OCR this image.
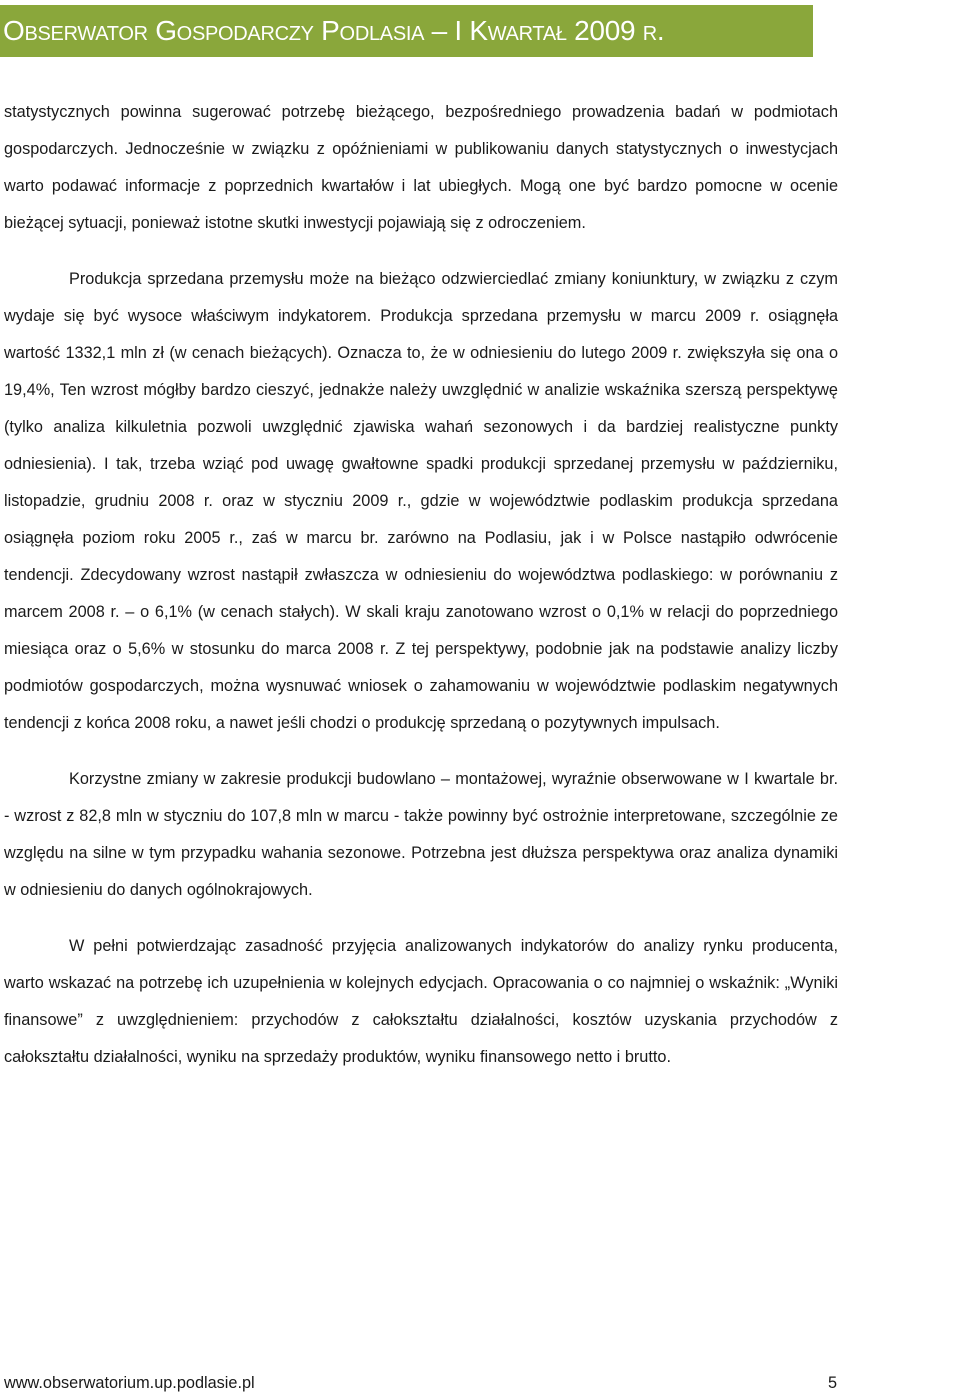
Obserwator Gospodarczy Podlasia – I Kwartał 2009 r.

statystycznych powinna sugerować potrzebę bieżącego, bezpośredniego prowadzenia badań w podmiotach gospodarczych. Jednocześnie w związku z opóźnieniami w publikowaniu danych statystycznych o inwestycjach warto podawać informacje z poprzednich kwartałów i lat ubiegłych. Mogą one być bardzo pomocne w ocenie bieżącej sytuacji, ponieważ istotne skutki inwestycji pojawiają się z odroczeniem.

Produkcja sprzedana przemysłu może na bieżąco odzwierciedlać zmiany koniunktury, w związku z czym wydaje się być wysoce właściwym indykatorem. Produkcja sprzedana przemysłu w marcu 2009 r. osiągnęła wartość 1332,1 mln zł (w cenach bieżących). Oznacza to, że w odniesieniu do lutego 2009 r. zwiększyła się ona o 19,4%, Ten wzrost mógłby bardzo cieszyć, jednakże należy uwzględnić w analizie wskaźnika szerszą perspektywę (tylko analiza kilkuletnia pozwoli uwzględnić zjawiska wahań sezonowych i da bardziej realistyczne punkty odniesienia). I tak, trzeba wziąć pod uwagę gwałtowne spadki produkcji sprzedanej przemysłu w październiku, listopadzie, grudniu 2008 r. oraz w styczniu 2009 r., gdzie w województwie podlaskim produkcja sprzedana osiągnęła poziom roku 2005 r., zaś w marcu br. zarówno na Podlasiu, jak i w Polsce nastąpiło odwrócenie tendencji. Zdecydowany wzrost nastąpił zwłaszcza w odniesieniu do województwa podlaskiego: w porównaniu z marcem 2008 r. – o 6,1% (w cenach stałych). W skali kraju zanotowano wzrost o 0,1% w relacji do poprzedniego miesiąca oraz o 5,6% w stosunku do marca 2008 r. Z tej perspektywy, podobnie jak na podstawie analizy liczby podmiotów gospodarczych, można wysnuwać wniosek o zahamowaniu w województwie podlaskim negatywnych tendencji z końca 2008 roku, a nawet jeśli chodzi o produkcję sprzedaną o pozytywnych impulsach.

Korzystne zmiany w zakresie produkcji budowlano – montażowej, wyraźnie obserwowane w I kwartale br. - wzrost z 82,8 mln w styczniu do 107,8 mln w marcu - także powinny być ostrożnie interpretowane, szczególnie ze względu na silne w tym przypadku wahania sezonowe. Potrzebna jest dłuższa perspektywa oraz analiza dynamiki w odniesieniu do danych ogólnokrajowych.

W pełni potwierdzając zasadność przyjęcia analizowanych indykatorów do analizy rynku producenta, warto wskazać na potrzebę ich uzupełnienia w kolejnych edycjach. Opracowania o co najmniej o wskaźnik: „Wyniki finansowe” z uwzględnieniem: przychodów z całokształtu działalności, kosztów uzyskania przychodów z całokształtu działalności, wyniku na sprzedaży produktów, wyniku finansowego netto i brutto.

www.obserwatorium.up.podlasie.pl	5
